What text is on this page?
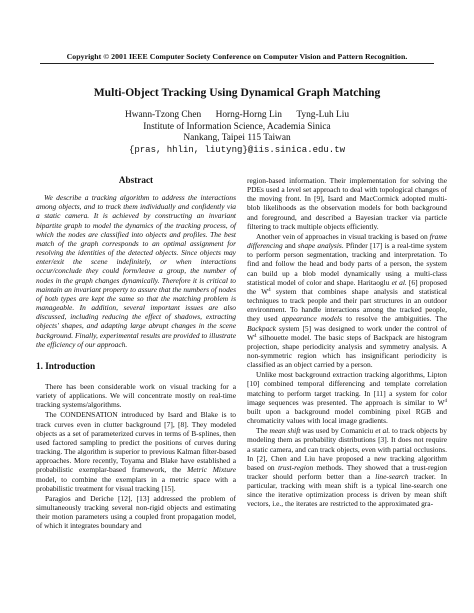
Copyright © 2001 IEEE Computer Society Conference on Computer Vision and Pattern Recognition.
Multi-Object Tracking Using Dynamical Graph Matching
Hwann-Tzong Chen Horng-Horng Lin Tyng-Luh Liu
Institute of Information Science, Academia Sinica
Nankang, Taipei 115 Taiwan
{pras, hhlin, liutyng}@iis.sinica.edu.tw
Abstract

We describe a tracking algorithm to address the interactions among objects, and to track them individually and confidently via a static camera. It is achieved by constructing an invariant bipartite graph to model the dynamics of the tracking process, of which the nodes are classified into objects and profiles. The best match of the graph corresponds to an optimal assignment for resolving the identities of the detected objects. Since objects may enter/exit the scene indefinitely, or when interactions occur/conclude they could form/leave a group, the number of nodes in the graph changes dynamically. Therefore it is critical to maintain an invariant property to assure that the numbers of nodes of both types are kept the same so that the matching problem is manageable. In addition, several important issues are also discussed, including reducing the effect of shadows, extracting objects' shapes, and adapting large abrupt changes in the scene background. Finally, experimental results are provided to illustrate the efficiency of our approach.

1. Introduction

There has been considerable work on visual tracking for a variety of applications. We will concentrate mostly on real-time tracking systems/algorithms.

The CONDENSATION introduced by Isard and Blake is to track curves even in clutter background [7], [8]. They modeled objects as a set of parameterized curves in terms of B-splines, then used factored sampling to predict the positions of curves during tracking. The algorithm is superior to previous Kalman filter-based approaches. More recently, Toyama and Blake have established a probabilistic exemplar-based framework, the Metric Mixture model, to combine the exemplars in a metric space with a probabilistic treatment for visual tracking [15].

Paragios and Deriche [12], [13] addressed the problem of simultaneously tracking several non-rigid objects and estimating their motion parameters using a coupled front propagation model, of which it integrates boundary and

region-based information. Their implementation for solving the PDEs used a level set approach to deal with topological changes of the moving front. In [9], Isard and MacCormick adopted multi-blob likelihoods as the observation models for both background and foreground, and described a Bayesian tracker via particle filtering to track multiple objects efficiently.

Another vein of approaches in visual tracking is based on frame differencing and shape analysis. Pfinder [17] is a real-time system to perform person segmentation, tracking and interpretation. To find and follow the head and body parts of a person, the system can build up a blob model dynamically using a multi-class statistical model of color and shape. Haritaoglu et al. [6] proposed the $W^4$ system that combines shape analysis and statistical techniques to track people and their part structures in an outdoor environment. To handle interactions among the tracked people, they used appearance models to resolve the ambiguities. The Backpack system [5] was designed to work under the control of $W^4$ silhouette model. The basic steps of Backpack are histogram projection, shape periodicity analysis and symmetry analysis. A non-symmetric region which has insignificant periodicity is classified as an object carried by a person.

Unlike most background extraction tracking algorithms, Lipton [10] combined temporal differencing and template correlation matching to perform target tracking. In [11] a system for color image sequences was presented. The approach is similar to $W^4$ built upon a background model combining pixel RGB and chromaticity values with local image gradients.

The mean shift was used by Comaniciu et al. to track objects by modeling them as probability distributions [3]. It does not require a static camera, and can track objects, even with partial occlusions. In [2], Chen and Liu have proposed a new tracking algorithm based on trust-region methods. They showed that a trust-region tracker should perform better than a line-search tracker. In particular, tracking with mean shift is a typical line-search one since the iterative optimization process is driven by mean shift vectors, i.e., the iterates are restricted to the approximated gra-
